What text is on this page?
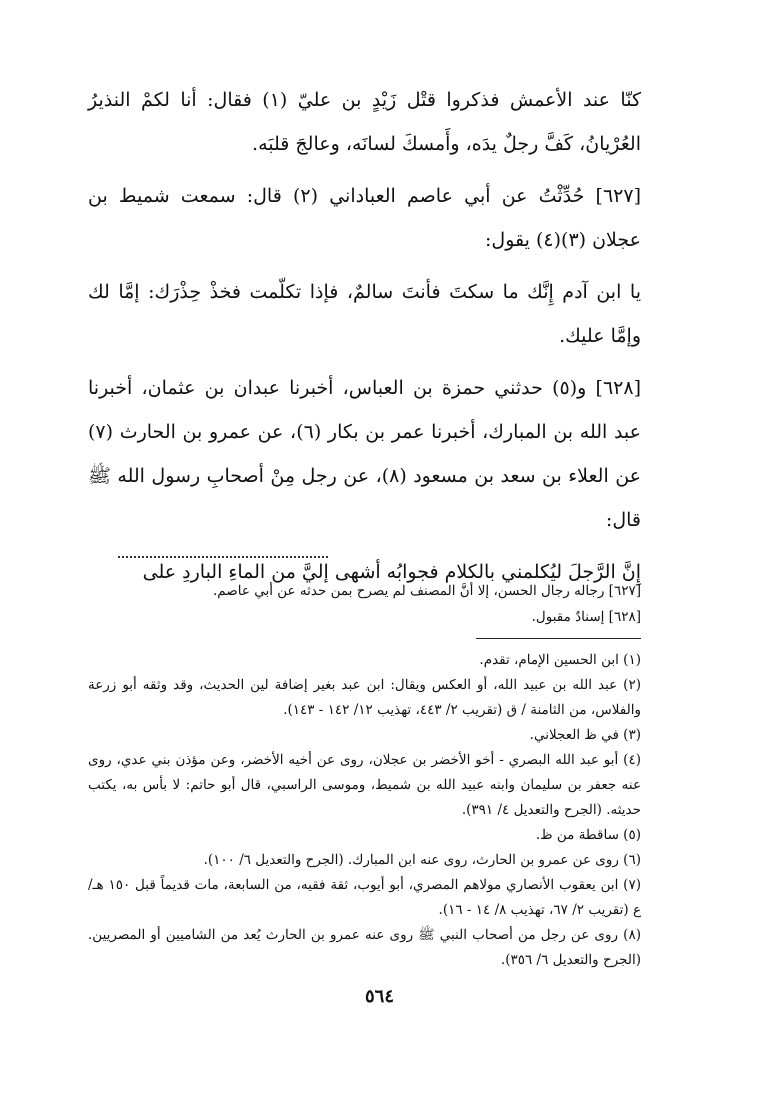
كنّا عند الأعمش فذكروا قتْل زَيْدٍ بن عليّ (١) فقال: أنا لكمْ النذيرُ العُرْيانُ، كَفَّ رجلٌ يدَه، وأَمسكَ لسانَه، وعالجَ قلبَه.

[٦٢٧] حُدِّثْتُ عن أبي عاصم العباداني (٢) قال: سمعت شميط بن عجلان (٣)(٤) يقول:

يا ابن آدم إِنَّك ما سكتَ فأنتَ سالمٌ، فإذا تكلّمت فخذْ حِذْرَك: إمَّا لك وإمَّا عليك.

[٦٢٨] و(٥) حدثني حمزة بن العباس، أخبرنا عبدان بن عثمان، أخبرنا عبد الله بن المبارك، أخبرنا عمر بن بكار (٦)، عن عمرو بن الحارث (٧) عن العلاء بن سعد بن مسعود (٨)، عن رجل مِنْ أصحابِ رسول الله ﷺ قال:

إِنَّ الرَّجلَ ليُكلمني بالكلام فجوابُه أشهى إليَّ من الماءِ الباردِ على

[٦٢٧] رجاله رجال الحسن، إلا أنَّ المصنف لم يصرح بمن حدثه عن أبي عاصم.

[٦٢٨] إسنادٌ مقبول.

(١) ابن الحسين الإمام، تقدم.

(٢) عبد الله بن عبيد الله، أو العكس ويقال: ابن عبد بغير إضافة لين الحديث، وقد وثقه أبو زرعة والفلاس، من الثامنة / ق (تقريب ٢/ ٤٤٣، تهذيب ١٢/ ١٤٢ - ١٤٣).

(٣) في ظ العجلاني.

(٤) أبو عبد الله البصري - أخو الأخضر بن عجلان، روى عن أخيه الأخضر، وعن مؤذن بني عدي، روى عنه جعفر بن سليمان وابنه عبيد الله بن شميط، وموسى الراسبي، قال أبو حاتم: لا بأس به، يكتب حديثه. (الجرح والتعديل ٤/ ٣٩١).

(٥) ساقطة من ظ.

(٦) روى عن عمرو بن الحارث، روى عنه ابن المبارك. (الجرح والتعديل ٦/ ١٠٠).

(٧) ابن يعقوب الأنصاري مولاهم المصري، أبو أيوب، ثقة فقيه، من السابعة، مات قديماً قبل ١٥٠ هـ/ ع (تقريب ٢/ ٦٧، تهذيب ٨/ ١٤ - ١٦).

(٨) روى عن رجل من أصحاب النبي ﷺ روى عنه عمرو بن الحارث يُعد من الشاميين أو المصريين. (الجرح والتعديل ٦/ ٣٥٦).

٥٦٤
